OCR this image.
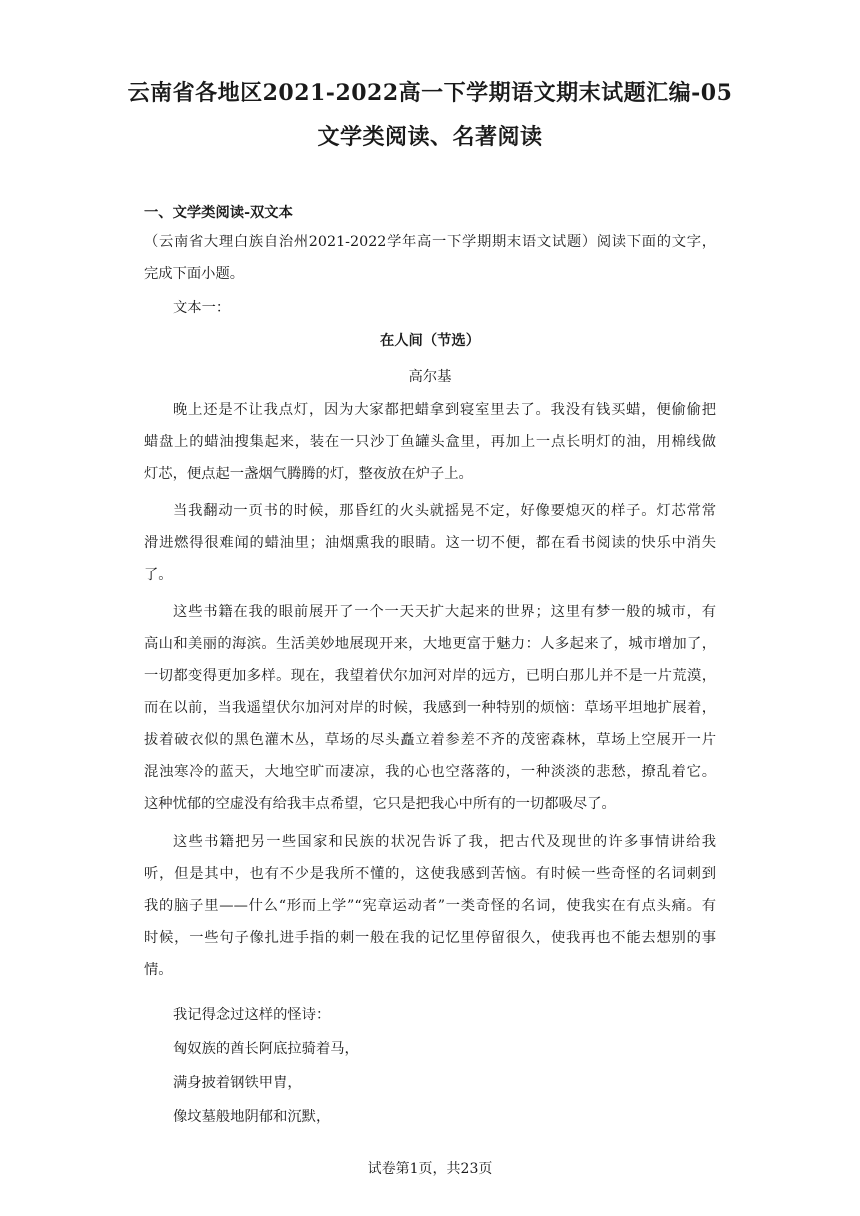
云南省各地区2021-2022高一下学期语文期末试题汇编-05
文学类阅读、名著阅读
一、文学类阅读-双文本
（云南省大理白族自治州2021-2022学年高一下学期期末语文试题）阅读下面的文字，
完成下面小题。
文本一：
在人间（节选）
高尔基
晚上还是不让我点灯，因为大家都把蜡拿到寝室里去了。我没有钱买蜡，便偷偷把
蜡盘上的蜡油搜集起来，装在一只沙丁鱼罐头盒里，再加上一点长明灯的油，用棉线做
灯芯，便点起一盏烟气腾腾的灯，整夜放在炉子上。
当我翻动一页书的时候，那昏红的火头就摇晃不定，好像要熄灭的样子。灯芯常常
滑进燃得很难闻的蜡油里；油烟熏我的眼睛。这一切不便，都在看书阅读的快乐中消失
了。
这些书籍在我的眼前展开了一个一天天扩大起来的世界；这里有梦一般的城市，有
高山和美丽的海滨。生活美妙地展现开来，大地更富于魅力：人多起来了，城市增加了，
一切都变得更加多样。现在，我望着伏尔加河对岸的远方，已明白那儿并不是一片荒漠，
而在以前，当我遥望伏尔加河对岸的时候，我感到一种特别的烦恼：草场平坦地扩展着，
拔着破衣似的黑色灌木丛，草场的尽头矗立着参差不齐的茂密森林，草场上空展开一片
混浊寒冷的蓝天，大地空旷而凄凉，我的心也空落落的，一种淡淡的悲愁，撩乱着它。
这种忧郁的空虚没有给我丰点希望，它只是把我心中所有的一切都吸尽了。
这些书籍把另一些国家和民族的状况告诉了我，把古代及现世的许多事情讲给我
听，但是其中，也有不少是我所不懂的，这使我感到苦恼。有时候一些奇怪的名词刺到
我的脑子里——什么“形而上学”“宪章运动者”一类奇怪的名词，使我实在有点头痛。有
时候，一些句子像扎进手指的刺一般在我的记忆里停留很久，使我再也不能去想别的事
情。
我记得念过这样的怪诗：
匈奴族的酋长阿底拉骑着马，
满身披着钢铁甲胄，
像坟墓般地阴郁和沉默，
试卷第1页，共23页
